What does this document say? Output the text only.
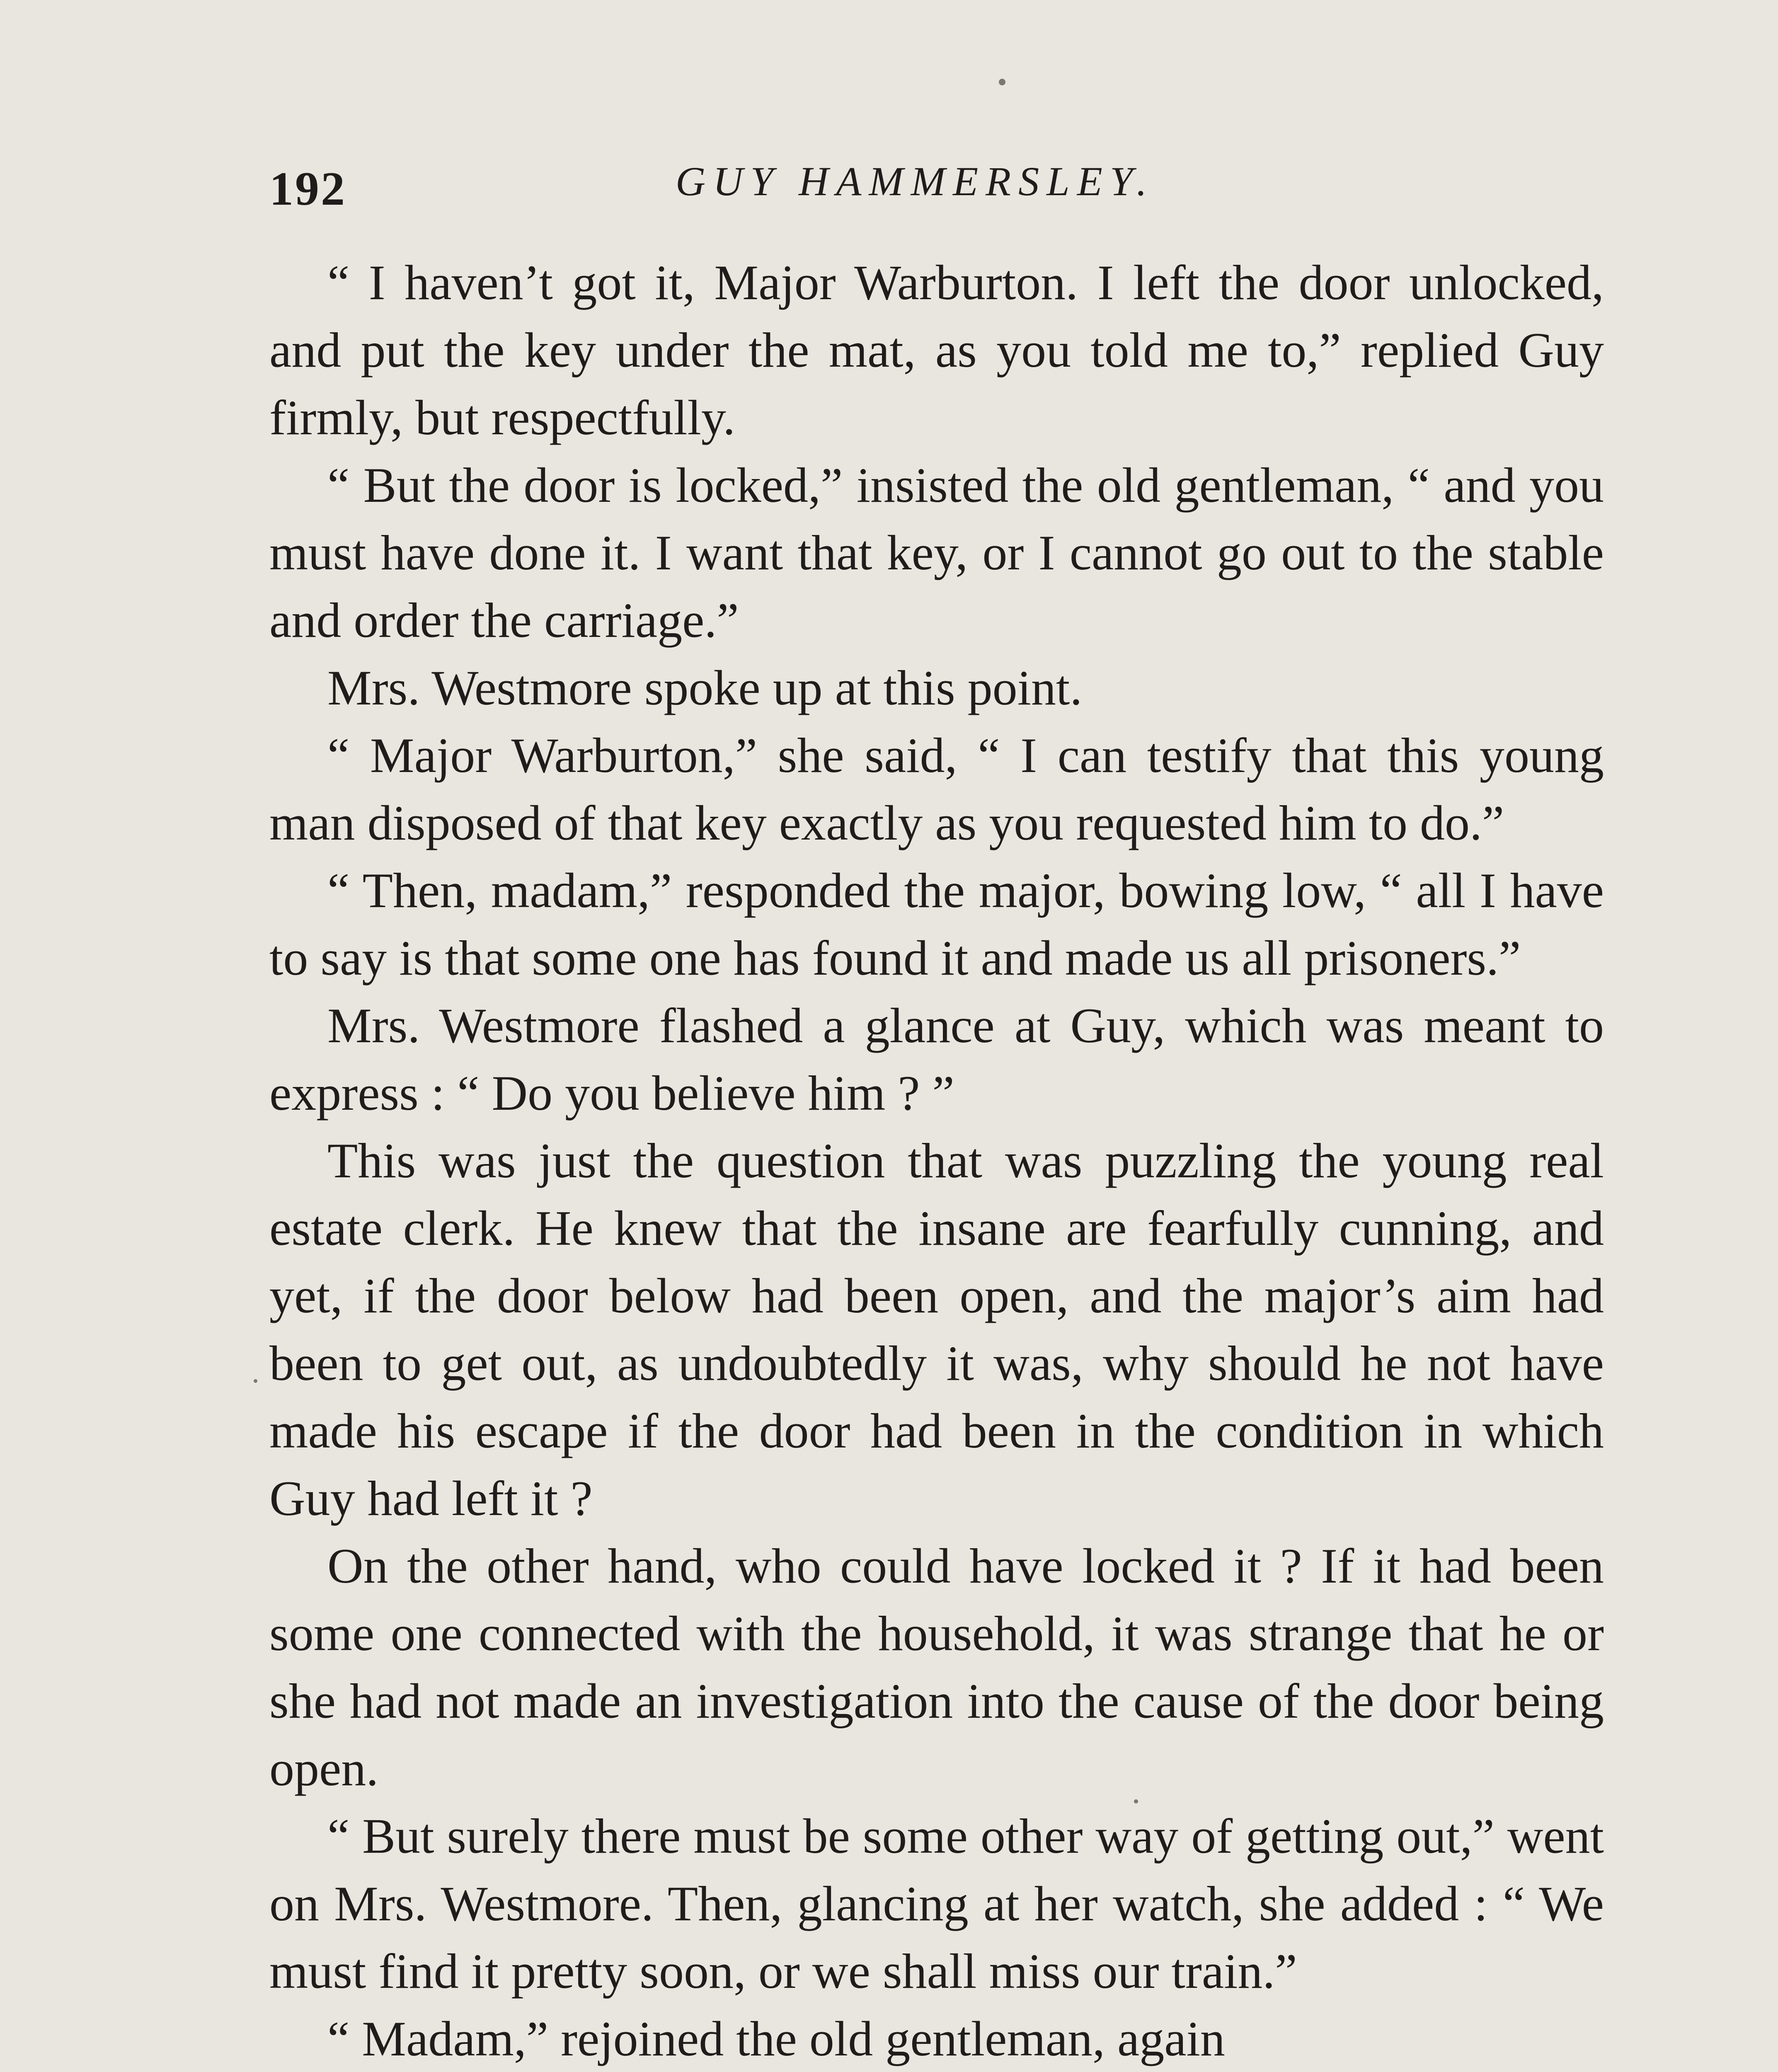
192	GUY HAMMERSLEY.

“ I haven’t got it, Major Warburton. I left the door unlocked, and put the key under the mat, as you told me to,” replied Guy firmly, but respectfully.

“ But the door is locked,” insisted the old gentleman, “ and you must have done it. I want that key, or I cannot go out to the stable and order the carriage.”

Mrs. Westmore spoke up at this point.

“ Major Warburton,” she said, “ I can testify that this young man disposed of that key exactly as you requested him to do.”

“ Then, madam,” responded the major, bowing low, “ all I have to say is that some one has found it and made us all prisoners.”

Mrs. Westmore flashed a glance at Guy, which was meant to express : “ Do you believe him ? ”

This was just the question that was puzzling the young real estate clerk. He knew that the insane are fearfully cunning, and yet, if the door below had been open, and the major’s aim had been to get out, as undoubtedly it was, why should he not have made his escape if the door had been in the condition in which Guy had left it ?

On the other hand, who could have locked it ? If it had been some one connected with the household, it was strange that he or she had not made an investigation into the cause of the door being open.

“ But surely there must be some other way of getting out,” went on Mrs. Westmore. Then, glancing at her watch, she added : “ We must find it pretty soon, or we shall miss our train.”

“ Madam,” rejoined the old gentleman, again
